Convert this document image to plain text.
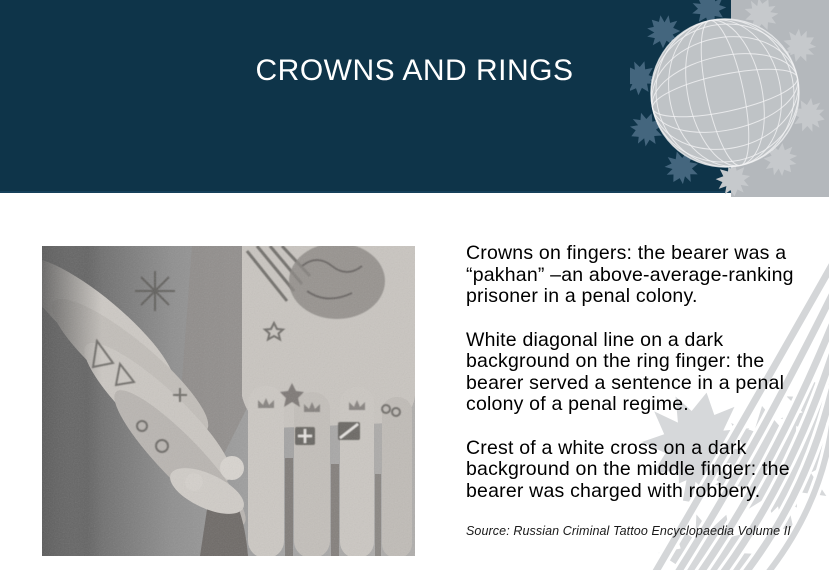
CROWNS AND RINGS

Crowns on fingers: the bearer was a “pakhan” –an above-average-ranking prisoner in a penal colony.

White diagonal line on a dark background on the ring finger: the bearer served a sentence in a penal colony of a penal regime.

Crest of a white cross on a dark background on the middle finger: the bearer was charged with robbery.

Source: Russian Criminal Tattoo Encyclopaedia Volume II
